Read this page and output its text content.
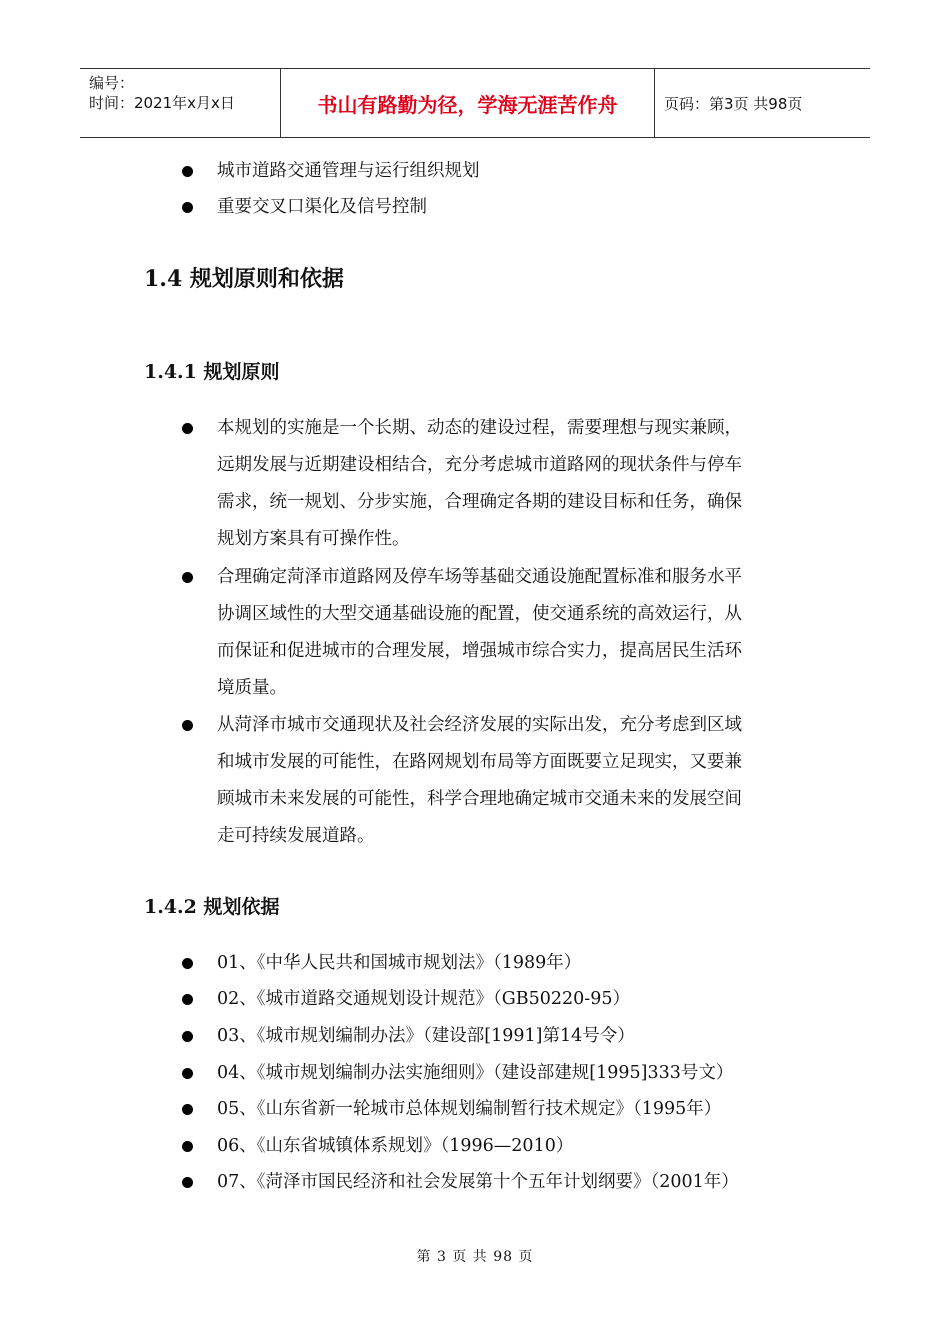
编号：
时间：2021年x月x日	书山有路勤为径，学海无涯苦作舟	页码：第3页 共98页
城市道路交通管理与运行组织规划
重要交叉口渠化及信号控制
1.4 规划原则和依据
1.4.1 规划原则

本规划的实施是一个长期、动态的建设过程，需要理想与现实兼顾，

远期发展与近期建设相结合，充分考虑城市道路网的现状条件与停车

需求，统一规划、分步实施，合理确定各期的建设目标和任务，确保

规划方案具有可操作性。

合理确定菏泽市道路网及停车场等基础交通设施配置标准和服务水平

协调区域性的大型交通基础设施的配置，使交通系统的高效运行，从

而保证和促进城市的合理发展，增强城市综合实力，提高居民生活环

境质量。

从菏泽市城市交通现状及社会经济发展的实际出发，充分考虑到区域

和城市发展的可能性，在路网规划布局等方面既要立足现实，又要兼

顾城市未来发展的可能性，科学合理地确定城市交通未来的发展空间

走可持续发展道路。

1.4.2 规划依据
01、《中华人民共和国城市规划法》（1989年）
02、《城市道路交通规划设计规范》（GB50220-95）
03、《城市规划编制办法》（建设部[1991]第14号令）
04、《城市规划编制办法实施细则》（建设部建规[1995]333号文）
05、《山东省新一轮城市总体规划编制暂行技术规定》（1995年）
06、《山东省城镇体系规划》（1996—2010）
07、《菏泽市国民经济和社会发展第十个五年计划纲要》（2001年）
第 3 页 共 98 页
